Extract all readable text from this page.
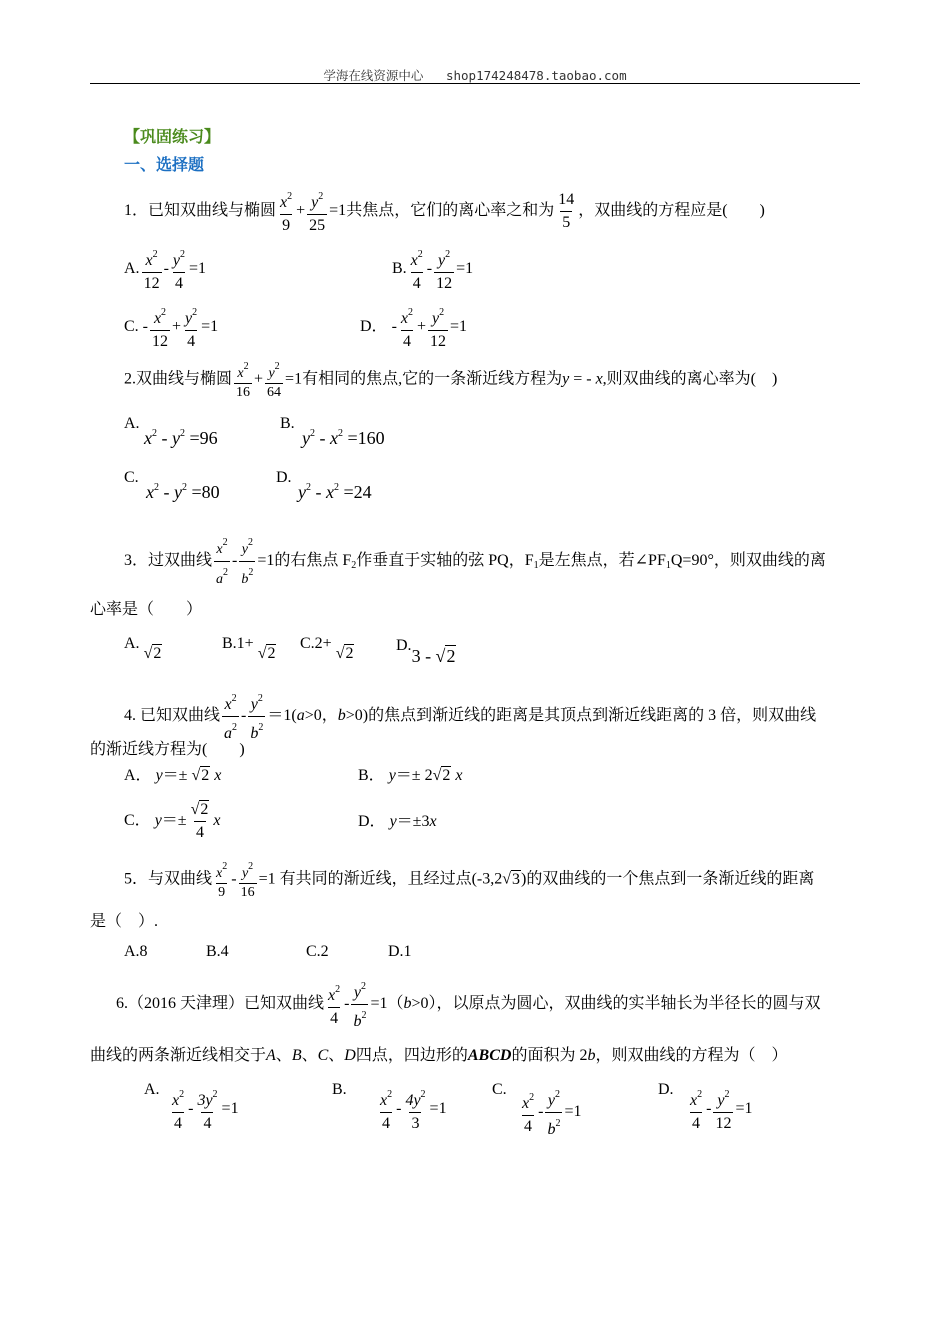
学海在线资源中心 shop174248478.taobao.com
【巩固练习】
一、选择题
1．已知双曲线与椭圆 $\frac{x^2}{9} + \frac{y^2}{25} =1$共焦点，它们的离心率之和为 $\frac{14}{5}$ ，双曲线的方程应是(　　)
A. $\frac{x^2}{12} - \frac{y^2}{4} =1$	B. $\frac{x^2}{4} - \frac{y^2}{12} =1$
C. - $\frac{x^2}{12} + \frac{y^2}{4} =1$	D． - $\frac{x^2}{4} + \frac{y^2}{12} =1$
2.双曲线与椭圆 $\frac{x^2}{16} + \frac{y^2}{64} =1$有相同的焦点,它的一条渐近线方程为y = - x,则双曲线的离心率为(　)
A.
$x^2 - y^2 =96$
B.
$y^2 - x^2 =160$
C.
$x^2 - y^2 =80$
D.
$y^2 - x^2 =24$
3．过双曲线 $\frac{x^2}{a^2} - \frac{y^2}{b^2} =1$的右焦点 $F_2$作垂直于实轴的弦 PQ，$F_1$是左焦点，若$\angle PF_1Q=90^\circ$，则双曲线的离
心率是（　　）
A. √2
B.1+ √2
C.2+ √2	D.3 - √2
4. 已知双曲线 $\frac{x^2}{a^2} - \frac{y^2}{b^2} =1(a>0$，b>0)的焦点到渐近线的距离是其顶点到渐近线距离的 3 倍，则双曲线
的渐近线方程为(　　)
A． y＝± √2 x	B． y＝± 2√2 x
C． $y=\pm \frac{√2}{4}$ x	D． y＝±3x
5．与双曲线 $\frac{x^2}{9} - \frac{y^2}{16} =1$ 有共同的渐近线，且经过点(-3,2√3)的双曲线的一个焦点到一条渐近线的距离
是（　）.
A.8	B.4	C.2	D.1
6.（2016 天津理）已知双曲线 $\frac{x^2}{4} - \frac{y^2}{b^2} =1(b>0)$，以原点为圆心，双曲线的实半轴长为半径长的圆与双
曲线的两条渐近线相交于A、B、C、D四点，四边形的ABCD的面积为 2b，则双曲线的方程为（　）
A. $\frac{x^2}{4} - \frac{3y^2}{4} =1$
B. $\frac{x^2}{4} - \frac{4y^2}{3} =1$
C. $\frac{x^2}{4} - \frac{y^2}{b^2} =1$
D. $\frac{x^2}{4} - \frac{y^2}{12} =1$
